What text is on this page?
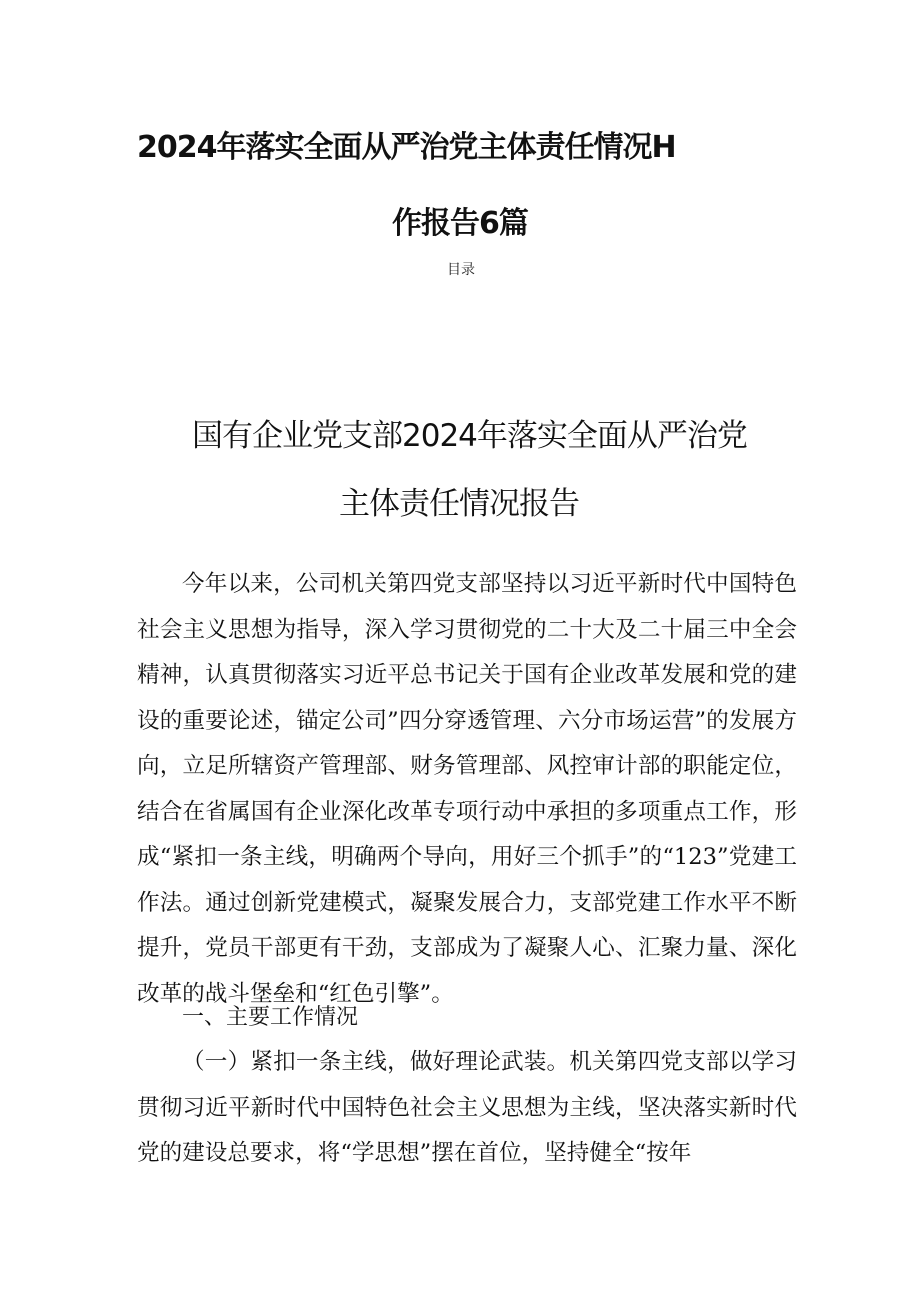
2024年落实全面从严治党主体责任情况H
作报告6篇
目录
国有企业党支部2024年落实全面从严治党
主体责任情况报告

今年以来，公司机关第四党支部坚持以习近平新时代中国特色社会主义思想为指导，深入学习贯彻党的二十大及二十届三中全会精神，认真贯彻落实习近平总书记关于国有企业改革发展和党的建设的重要论述，锚定公司”四分穿透管理、六分市场运营”的发展方向，立足所辖资产管理部、财务管理部、风控审计部的职能定位，结合在省属国有企业深化改革专项行动中承担的多项重点工作，形成“紧扣一条主线，明确两个导向，用好三个抓手”的“123”党建工作法。通过创新党建模式，凝聚发展合力，支部党建工作水平不断提升，党员干部更有干劲，支部成为了凝聚人心、汇聚力量、深化改革的战斗堡垒和“红色引擎”。

一、主要工作情况

（一）紧扣一条主线，做好理论武装。机关第四党支部以学习贯彻习近平新时代中国特色社会主义思想为主线，坚决落实新时代党的建设总要求，将“学思想”摆在首位，坚持健全“按年
